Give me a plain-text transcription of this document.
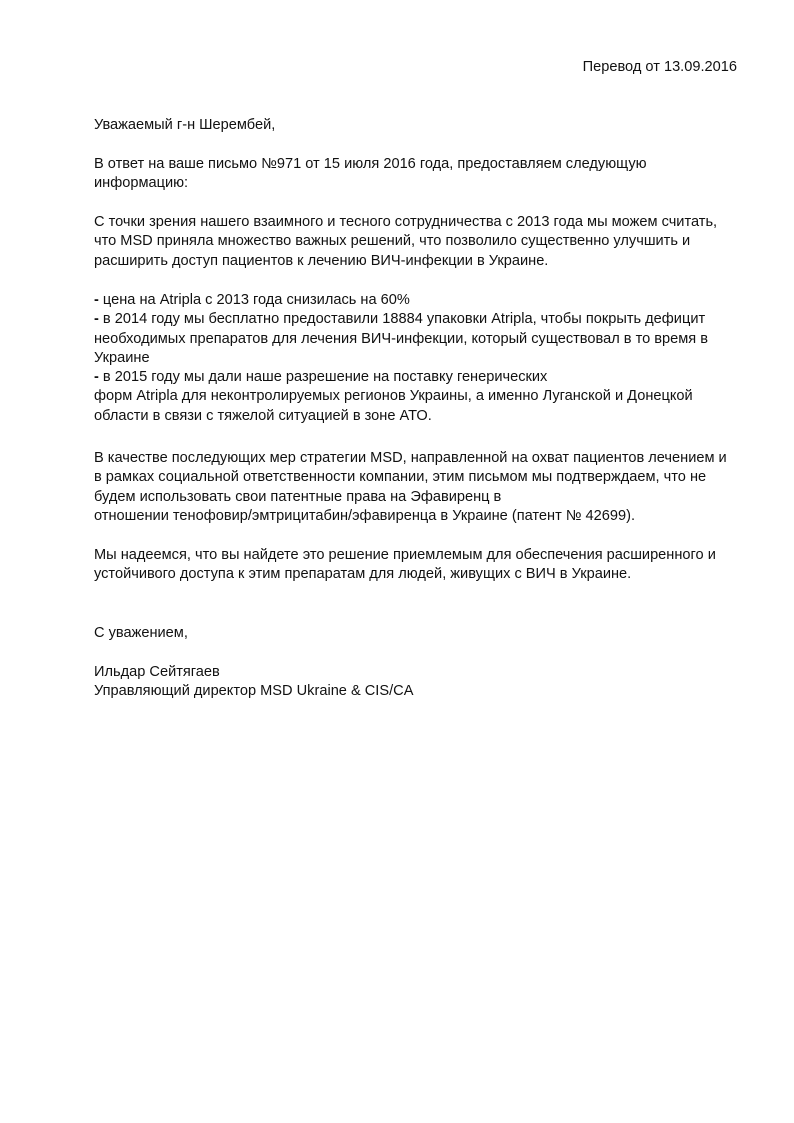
Перевод от 13.09.2016
Уважаемый г-н Шерембей,
В ответ на ваше письмо №971 от 15 июля 2016 года, предоставляем следующую
информацию:
С точки зрения нашего взаимного и тесного сотрудничества с 2013 года мы можем считать,
что MSD приняла множество важных решений, что позволило существенно улучшить и
расширить доступ пациентов к лечению ВИЧ-инфекции в Украине.
- цена на Atripla с 2013 года снизилась на 60%
- в 2014 году мы бесплатно предоставили 18884 упаковки Atripla, чтобы покрыть дефицит
необходимых препаратов для лечения ВИЧ-инфекции, который существовал в то время в
Украине
- в 2015 году мы дали наше разрешение на поставку генерических
форм Atripla для неконтролируемых регионов Украины, а именно Луганской и Донецкой
области в связи с тяжелой ситуацией в зоне АТО.
В качестве последующих мер стратегии MSD, направленной на охват пациентов лечением и
в рамках социальной ответственности компании, этим письмом мы подтверждаем, что не
будем использовать свои патентные права на Эфавиренц в
отношении тенофовир/эмтрицитабин/эфавиренца в Украине (патент № 42699).
Мы надеемся, что вы найдете это решение приемлемым для обеспечения расширенного и
устойчивого доступа к этим препаратам для людей, живущих с ВИЧ в Украине.
С уважением,
Ильдар Сейтягаев
Управляющий директор MSD Ukraine & CIS/CA
